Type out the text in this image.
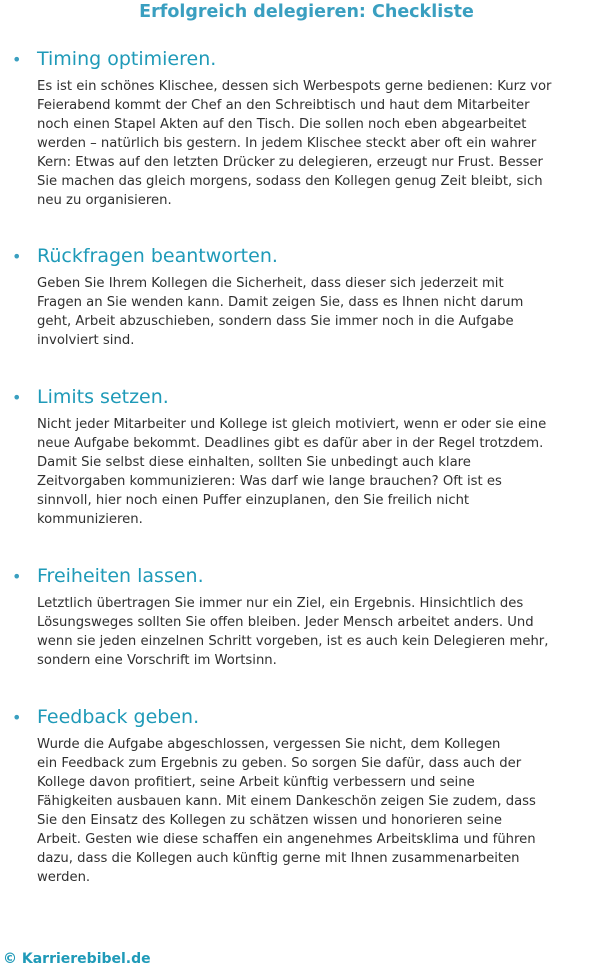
Erfolgreich delegieren: Checkliste
• Timing optimieren.

Es ist ein schönes Klischee, dessen sich Werbespots gerne bedienen: Kurz vor
Feierabend kommt der Chef an den Schreibtisch und haut dem Mitarbeiter
noch einen Stapel Akten auf den Tisch. Die sollen noch eben abgearbeitet
werden – natürlich bis gestern. In jedem Klischee steckt aber oft ein wahrer
Kern: Etwas auf den letzten Drücker zu delegieren, erzeugt nur Frust. Besser
Sie machen das gleich morgens, sodass den Kollegen genug Zeit bleibt, sich
neu zu organisieren.

• Rückfragen beantworten.

Geben Sie Ihrem Kollegen die Sicherheit, dass dieser sich jederzeit mit
Fragen an Sie wenden kann. Damit zeigen Sie, dass es Ihnen nicht darum
geht, Arbeit abzuschieben, sondern dass Sie immer noch in die Aufgabe
involviert sind.

• Limits setzen.

Nicht jeder Mitarbeiter und Kollege ist gleich motiviert, wenn er oder sie eine
neue Aufgabe bekommt. Deadlines gibt es dafür aber in der Regel trotzdem.
Damit Sie selbst diese einhalten, sollten Sie unbedingt auch klare
Zeitvorgaben kommunizieren: Was darf wie lange brauchen? Oft ist es
sinnvoll, hier noch einen Puffer einzuplanen, den Sie freilich nicht
kommunizieren.

• Freiheiten lassen.

Letztlich übertragen Sie immer nur ein Ziel, ein Ergebnis. Hinsichtlich des
Lösungsweges sollten Sie offen bleiben. Jeder Mensch arbeitet anders. Und
wenn sie jeden einzelnen Schritt vorgeben, ist es auch kein Delegieren mehr,
sondern eine Vorschrift im Wortsinn.

• Feedback geben.

Wurde die Aufgabe abgeschlossen, vergessen Sie nicht, dem Kollegen
ein Feedback zum Ergebnis zu geben. So sorgen Sie dafür, dass auch der
Kollege davon profitiert, seine Arbeit künftig verbessern und seine
Fähigkeiten ausbauen kann. Mit einem Dankeschön zeigen Sie zudem, dass
Sie den Einsatz des Kollegen zu schätzen wissen und honorieren seine
Arbeit. Gesten wie diese schaffen ein angenehmes Arbeitsklima und führen
dazu, dass die Kollegen auch künftig gerne mit Ihnen zusammenarbeiten
werden.

© Karrierebibel.de
